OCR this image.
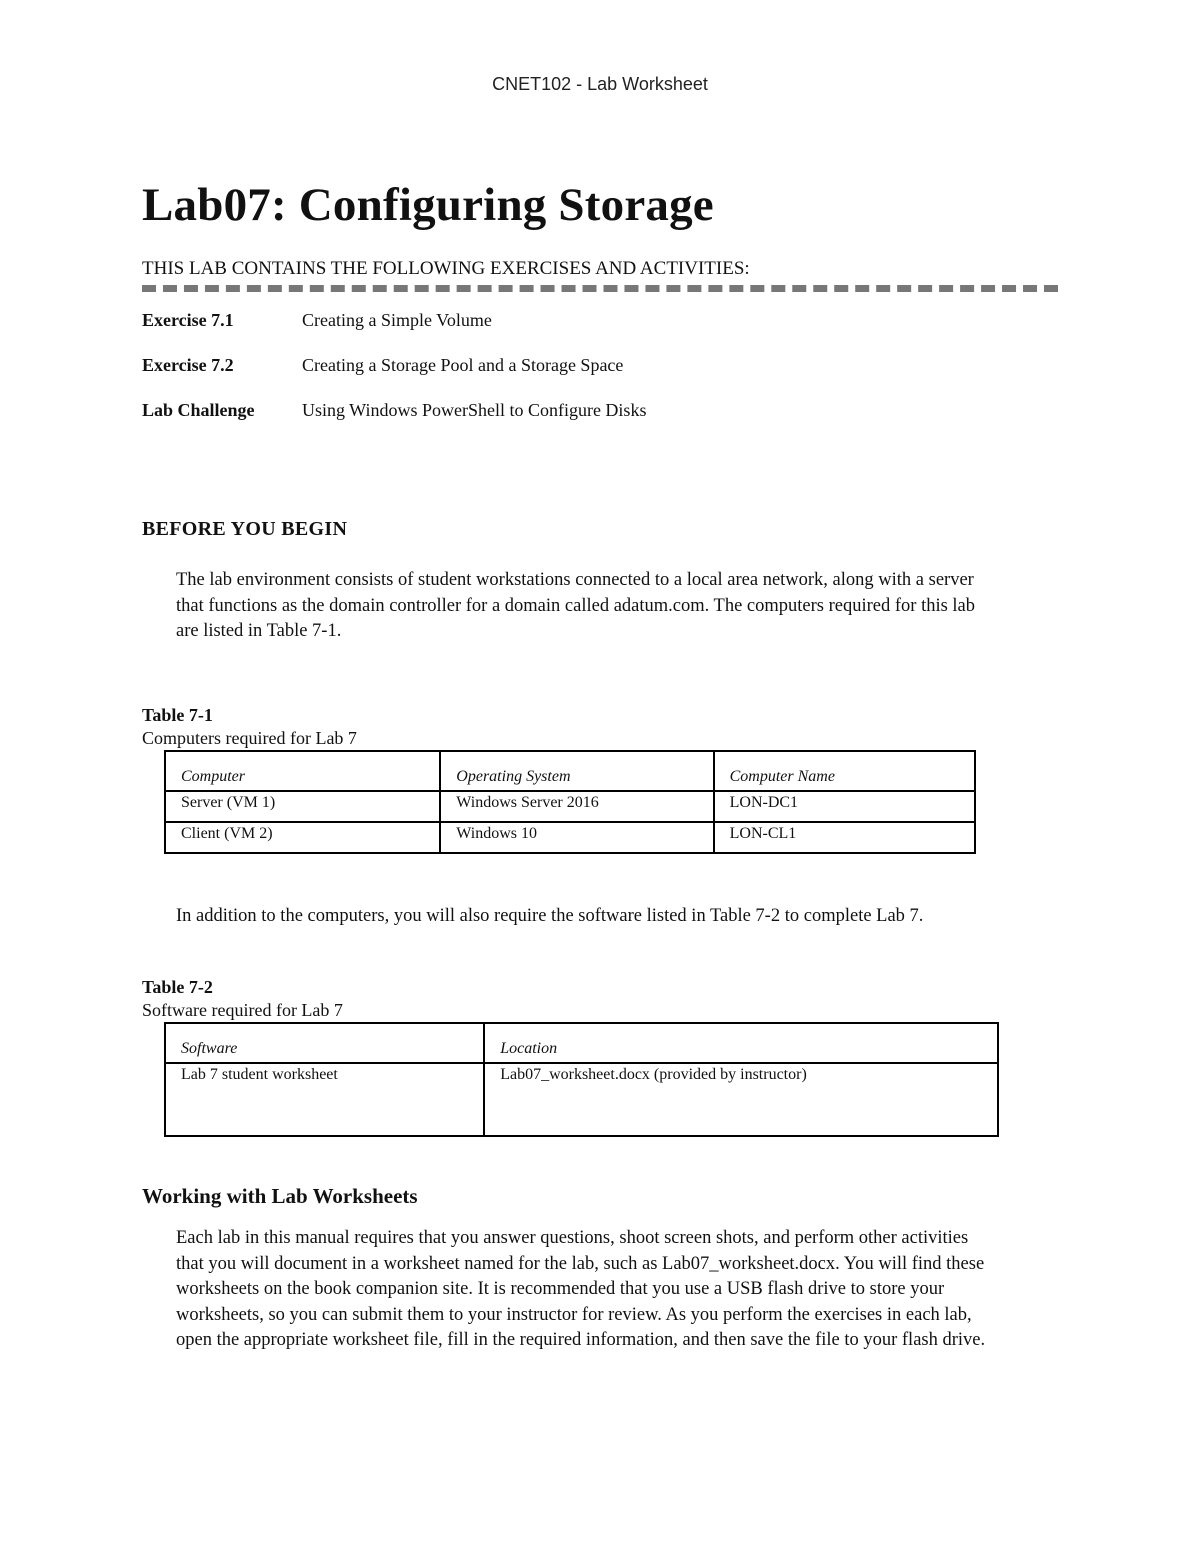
CNET102 - Lab Worksheet
Lab07: Configuring Storage
THIS LAB CONTAINS THE FOLLOWING EXERCISES AND ACTIVITIES:
Exercise 7.1	Creating a Simple Volume
Exercise 7.2	Creating a Storage Pool and a Storage Space
Lab Challenge	Using Windows PowerShell to Configure Disks
BEFORE YOU BEGIN
The lab environment consists of student workstations connected to a local area network, along with a server that functions as the domain controller for a domain called adatum.com. The computers required for this lab are listed in Table 7-1.
Table 7-1
Computers required for Lab 7
Computer	Operating System	Computer Name
Server (VM 1)	Windows Server 2016	LON-DC1
Client (VM 2)	Windows 10	LON-CL1
In addition to the computers, you will also require the software listed in Table 7-2 to complete Lab 7.
Table 7-2
Software required for Lab 7
Software	Location
Lab 7 student worksheet	Lab07_worksheet.docx (provided by instructor)
Working with Lab Worksheets
Each lab in this manual requires that you answer questions, shoot screen shots, and perform other activities that you will document in a worksheet named for the lab, such as Lab07_worksheet.docx. You will find these worksheets on the book companion site. It is recommended that you use a USB flash drive to store your worksheets, so you can submit them to your instructor for review. As you perform the exercises in each lab, open the appropriate worksheet file, fill in the required information, and then save the file to your flash drive.
